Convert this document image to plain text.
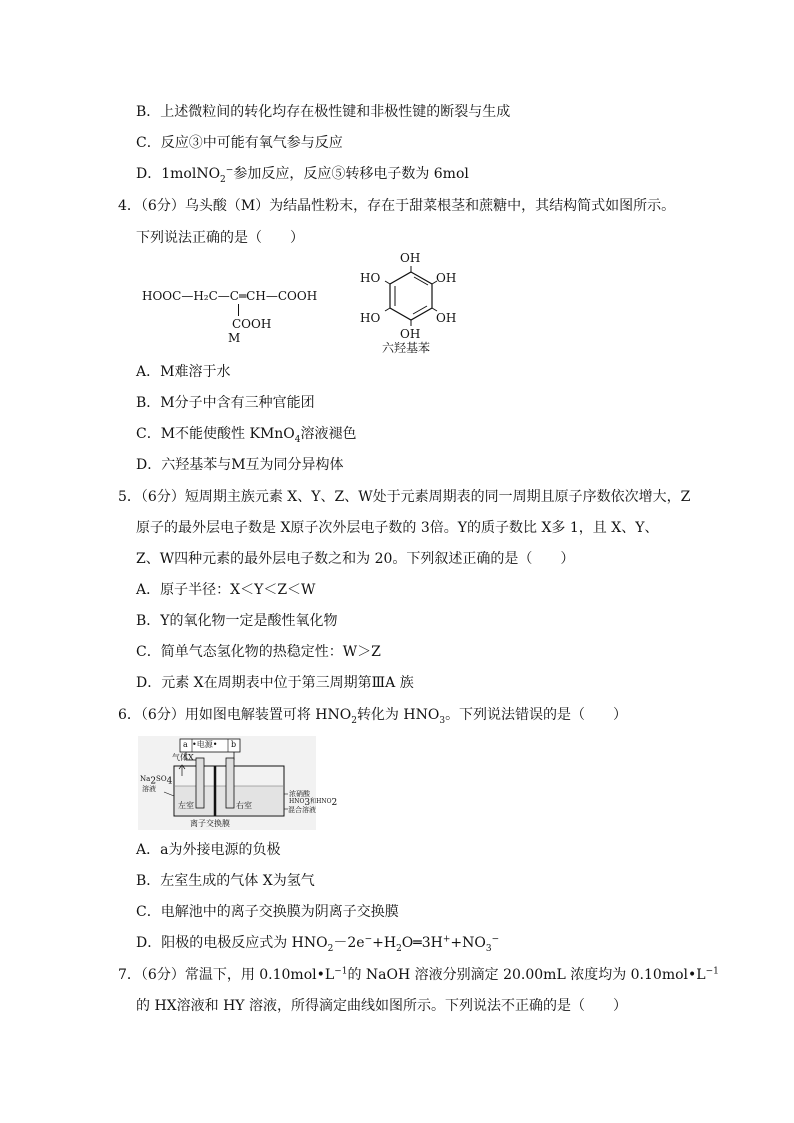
B．上述微粒间的转化均存在极性键和非极性键的断裂与生成
C．反应③中可能有氧气参与反应
D．1molNO$_2$−参加反应，反应⑤转移电子数为 6mol
4．（6分）乌头酸（M）为结晶性粉末，存在于甜菜根茎和蔗糖中，其结构简式如图所示。
下列说法正确的是（　　）
HOOC—H₂C—C═CH—COOH
COOH
M
OH
HO	OH
HO	OH
OH
六羟基苯
A．M难溶于水
B．M分子中含有三种官能团
C．M不能使酸性 KMnO$_4$溶液褪色
D．六羟基苯与M互为同分异构体
5．（6分）短周期主族元素 X、Y、Z、W处于元素周期表的同一周期且原子序数依次增大，Z
原子的最外层电子数是 X原子次外层电子数的 3倍。Y的质子数比 X多 1，且 X、Y、
Z、W四种元素的最外层电子数之和为 20。下列叙述正确的是（　　）
A．原子半径：X＜Y＜Z＜W
B．Y的氧化物一定是酸性氧化物
C．简单气态氢化物的热稳定性：W＞Z
D．元素 X在周期表中位于第三周期第ⅢA 族
6．（6分）用如图电解装置可将 $HNO_2$转化为 $HNO_3$。下列说法错误的是（　　）
•电源•
a	b
气体X
$Na_2SO_4$
溶液
左室	右室
浓硝酸
$HNO_3$和$HNO_2$
混合溶液
离子交换膜
A．a为外接电源的负极
B．左室生成的气体 X为氢气
C．电解池中的离子交换膜为阴离子交换膜
D．阳极的电极反应式为 $HNO_2-2e^-+H_2O═3H^++NO_3^-$
7．（6分）常温下，用 $0.10mol•L^{-1}$的 NaOH 溶液分别滴定 20.00mL 浓度均为 $0.10mol•L^{-1}$
的 HX溶液和 HY 溶液，所得滴定曲线如图所示。下列说法不正确的是（　　）
